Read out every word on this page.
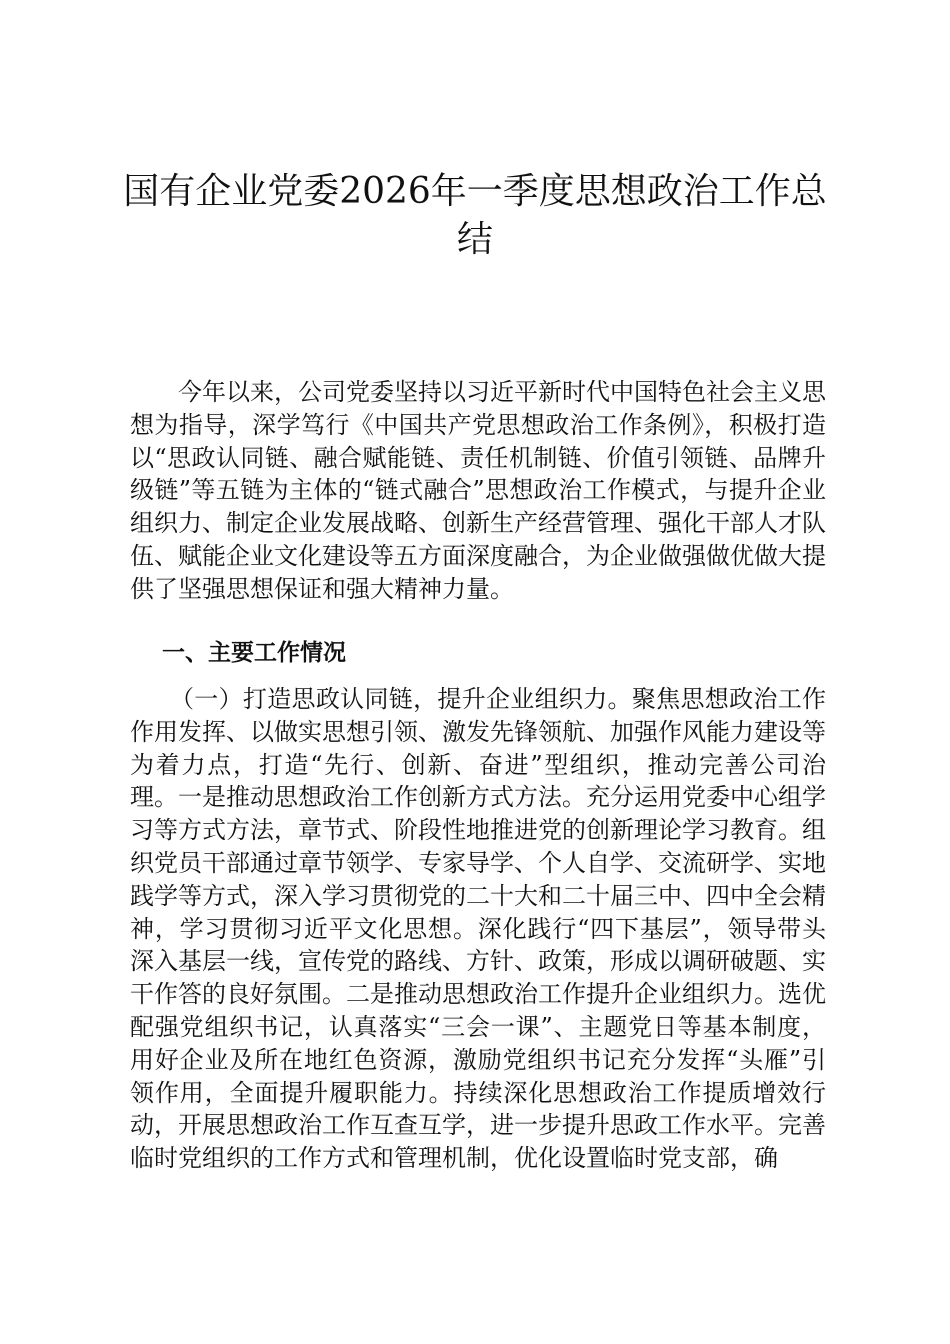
国有企业党委2026年一季度思想政治工作总结

今年以来，公司党委坚持以习近平新时代中国特色社会主义思想为指导，深学笃行《中国共产党思想政治工作条例》，积极打造以“思政认同链、融合赋能链、责任机制链、价值引领链、品牌升级链”等五链为主体的“链式融合”思想政治工作模式，与提升企业组织力、制定企业发展战略、创新生产经营管理、强化干部人才队伍、赋能企业文化建设等五方面深度融合，为企业做强做优做大提供了坚强思想保证和强大精神力量。

一、主要工作情况

（一）打造思政认同链，提升企业组织力。聚焦思想政治工作作用发挥、以做实思想引领、激发先锋领航、加强作风能力建设等为着力点，打造“先行、创新、奋进”型组织，推动完善公司治理。一是推动思想政治工作创新方式方法。充分运用党委中心组学习等方式方法，章节式、阶段性地推进党的创新理论学习教育。组织党员干部通过章节领学、专家导学、个人自学、交流研学、实地践学等方式，深入学习贯彻党的二十大和二十届三中、四中全会精神，学习贯彻习近平文化思想。深化践行“四下基层”，领导带头深入基层一线，宣传党的路线、方针、政策，形成以调研破题、实干作答的良好氛围。二是推动思想政治工作提升企业组织力。选优配强党组织书记，认真落实“三会一课”、主题党日等基本制度，用好企业及所在地红色资源，激励党组织书记充分发挥“头雁”引领作用，全面提升履职能力。持续深化思想政治工作提质增效行动，开展思想政治工作互查互学，进一步提升思政工作水平。完善临时党组织的工作方式和管理机制，优化设置临时党支部，确
